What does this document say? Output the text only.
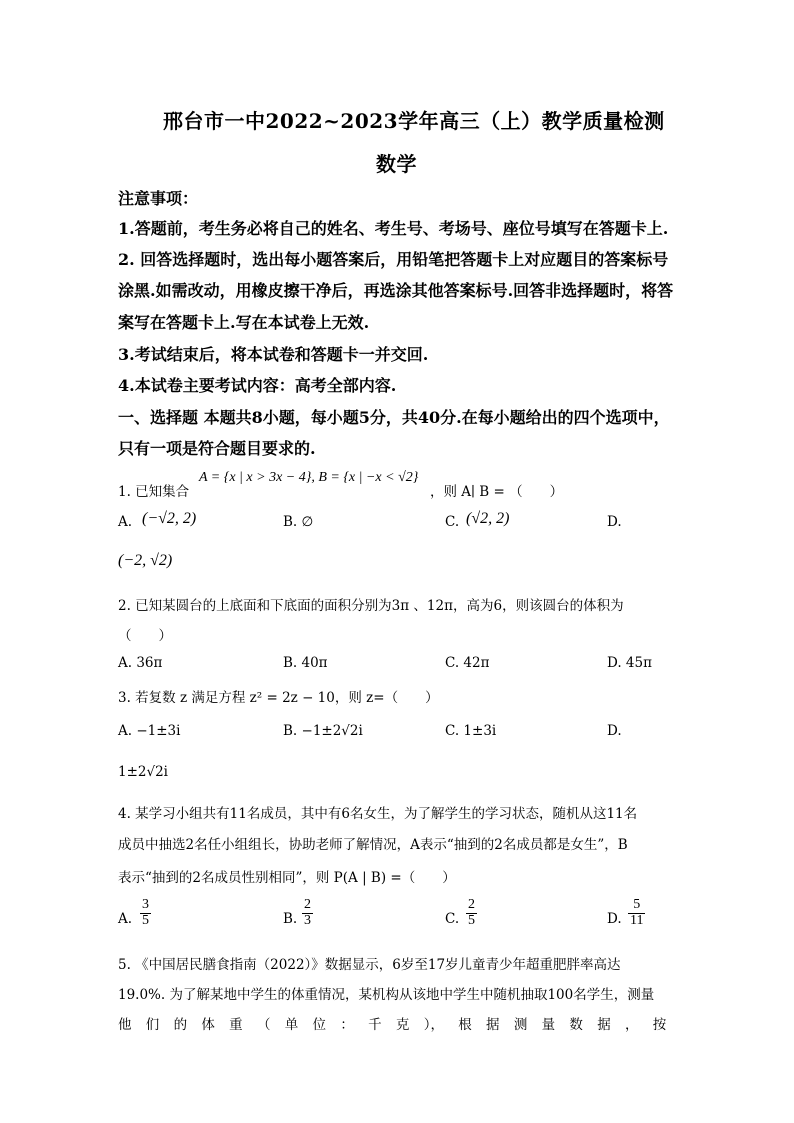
邢台市一中2022~2023学年高三（上）教学质量检测
数学
注意事项：
1.答题前，考生务必将自己的姓名、考生号、考场号、座位号填写在答题卡上.
2. 回答选择题时，选出每小题答案后，用铅笔把答题卡上对应题目的答案标号
涂黑.如需改动，用橡皮擦干净后，再选涂其他答案标号.回答非选择题时，将答
案写在答题卡上.写在本试卷上无效.
3.考试结束后，将本试卷和答题卡一并交回.
4.本试卷主要考试内容：高考全部内容.
一、选择题 本题共8小题，每小题5分，共40分.在每小题给出的四个选项中，
只有一项是符合题目要求的.
1. 已知集合
A = {x | x > 3x − 4}, B = {x | −x < √2}
，则 A∣ B = （　　）
A. (−√2, 2)	B. ∅	C. (√2, 2)	D.
(−2, √2)
2. 已知某圆台的上底面和下底面的面积分别为3π 、12π，高为6，则该圆台的体积为
（　　）
A. 36π	B. 40π	C. 42π	D. 45π
3. 若复数 z 满足方程 z² = 2z − 10，则 z=（　　）
A. −1±3i	B. −1±2√2i	C. 1±3i	D.
1±2√2i
4. 某学习小组共有11名成员，其中有6名女生，为了解学生的学习状态，随机从这11名
成员中抽选2名任小组组长，协助老师了解情况，A表示“抽到的2名成员都是女生”，B
表示“抽到的2名成员性别相同”，则 P(A | B) =（　　）
A. $\frac{3}{5}$	B. $\frac{2}{3}$	C. $\frac{2}{5}$	D. $\frac{5}{11}$
5. 《中国居民膳食指南（2022）》数据显示，6岁至17岁儿童青少年超重肥胖率高达
19.0%. 为了解某地中学生的体重情况，某机构从该地中学生中随机抽取100名学生，测量
他 们 的 体 重 （ 单 位 ： 千 克 ）， 根 据 测 量 数 据 ， 按
